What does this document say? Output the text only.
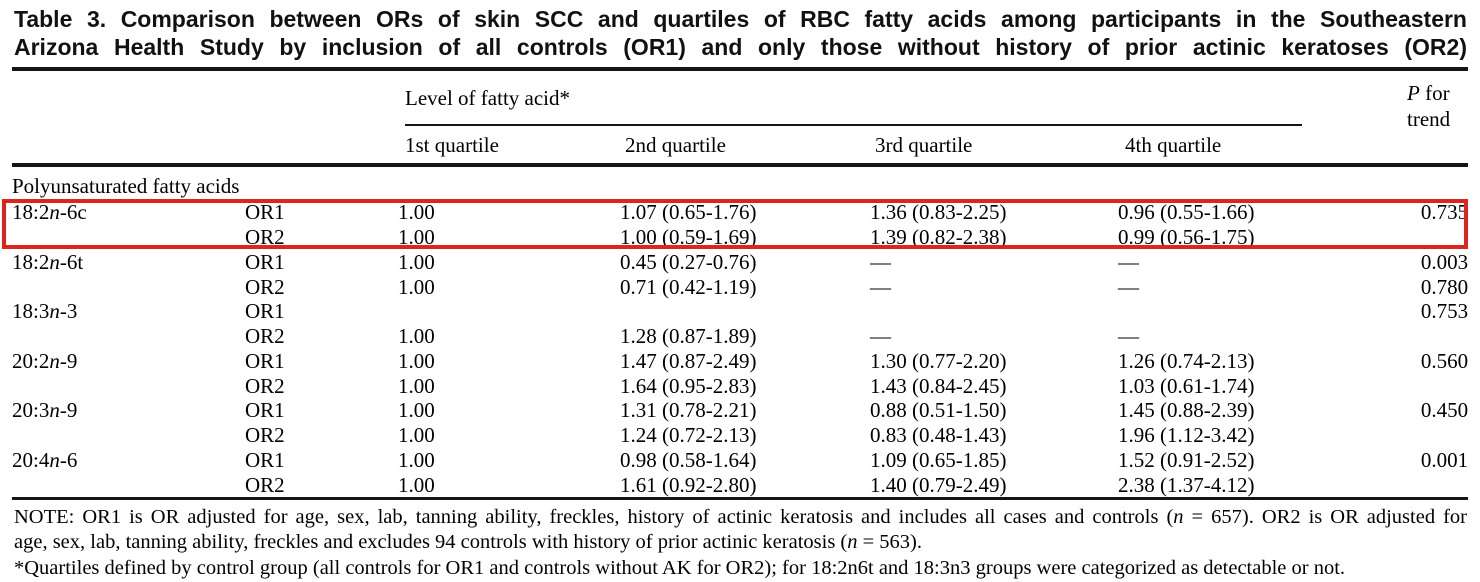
Table 3. Comparison between ORs of skin SCC and quartiles of RBC fatty acids among participants in the Southeastern
Arizona Health Study by inclusion of all controls (OR1) and only those without history of prior actinic keratoses (OR2)
Level of fatty acid*	P for
trend
1st quartile	2nd quartile	3rd quartile	4th quartile
Polyunsaturated fatty acids						
18:2n-6c	OR1	1.00	1.07 (0.65-1.76)	1.36 (0.83-2.25)	0.96 (0.55-1.66)	0.735
	OR2	1.00	1.00 (0.59-1.69)	1.39 (0.82-2.38)	0.99 (0.56-1.75)	
18:2n-6t	OR1	1.00	0.45 (0.27-0.76)	—	—	0.003
	OR2	1.00	0.71 (0.42-1.19)	—	—	0.780
18:3n-3	OR1					0.753
	OR2	1.00	1.28 (0.87-1.89)	—	—	
20:2n-9	OR1	1.00	1.47 (0.87-2.49)	1.30 (0.77-2.20)	1.26 (0.74-2.13)	0.560
	OR2	1.00	1.64 (0.95-2.83)	1.43 (0.84-2.45)	1.03 (0.61-1.74)	
20:3n-9	OR1	1.00	1.31 (0.78-2.21)	0.88 (0.51-1.50)	1.45 (0.88-2.39)	0.450
	OR2	1.00	1.24 (0.72-2.13)	0.83 (0.48-1.43)	1.96 (1.12-3.42)	
20:4n-6	OR1	1.00	0.98 (0.58-1.64)	1.09 (0.65-1.85)	1.52 (0.91-2.52)	0.001
	OR2	1.00	1.61 (0.92-2.80)	1.40 (0.79-2.49)	2.38 (1.37-4.12)	
NOTE: OR1 is OR adjusted for age, sex, lab, tanning ability, freckles, history of actinic keratosis and includes all cases and controls (n = 657). OR2 is OR adjusted for
age, sex, lab, tanning ability, freckles and excludes 94 controls with history of prior actinic keratosis (n = 563).
*Quartiles defined by control group (all controls for OR1 and controls without AK for OR2); for 18:2n6t and 18:3n3 groups were categorized as detectable or not.
